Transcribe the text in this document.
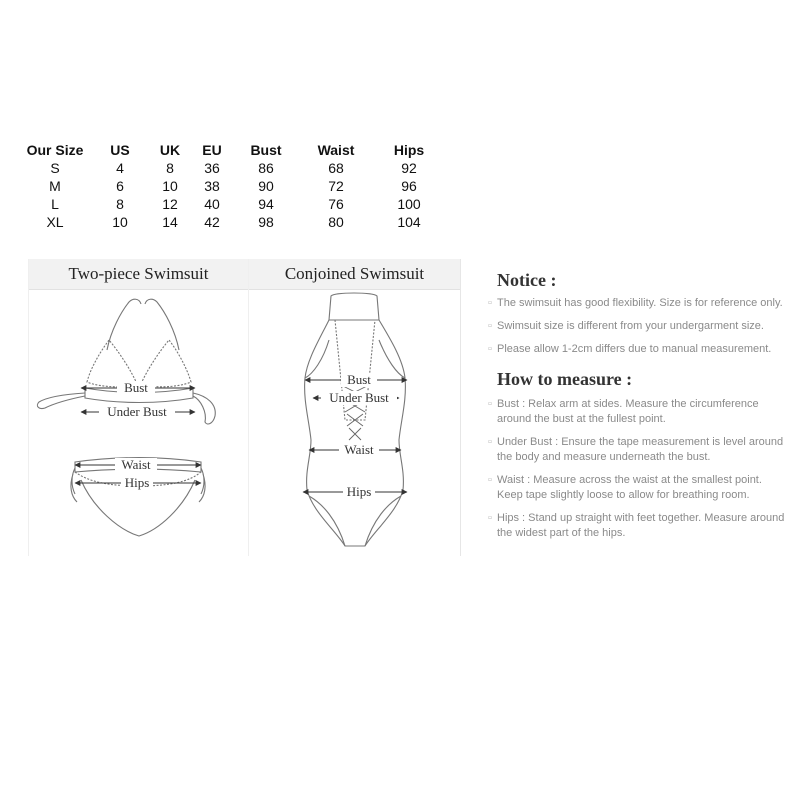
Our Size	US	UK	EU	Bust	Waist	Hips
S	4	8	36	86	68	92
M	6	10	38	90	72	96
L	8	12	40	94	76	100
XL	10	14	42	98	80	104
Two-piece Swimsuit
Bust
Under Bust
Waist
Hips
Conjoined Swimsuit
Bust
Under Bust
Waist
Hips
Notice :
▫ The swimsuit has good flexibility. Size is for reference only.
▫ Swimsuit size is different from your undergarment size.
▫ Please allow 1-2cm differs due to manual measurement.
How to measure :
▫ Bust : Relax arm at sides. Measure the circumference
around the bust at the fullest point.
▫ Under Bust : Ensure the tape measurement is level around
the body and measure underneath the bust.
▫ Waist : Measure across the waist at the smallest point.
Keep tape slightly loose to allow for breathing room.
▫ Hips : Stand up straight with feet together. Measure around
the widest part of the hips.
